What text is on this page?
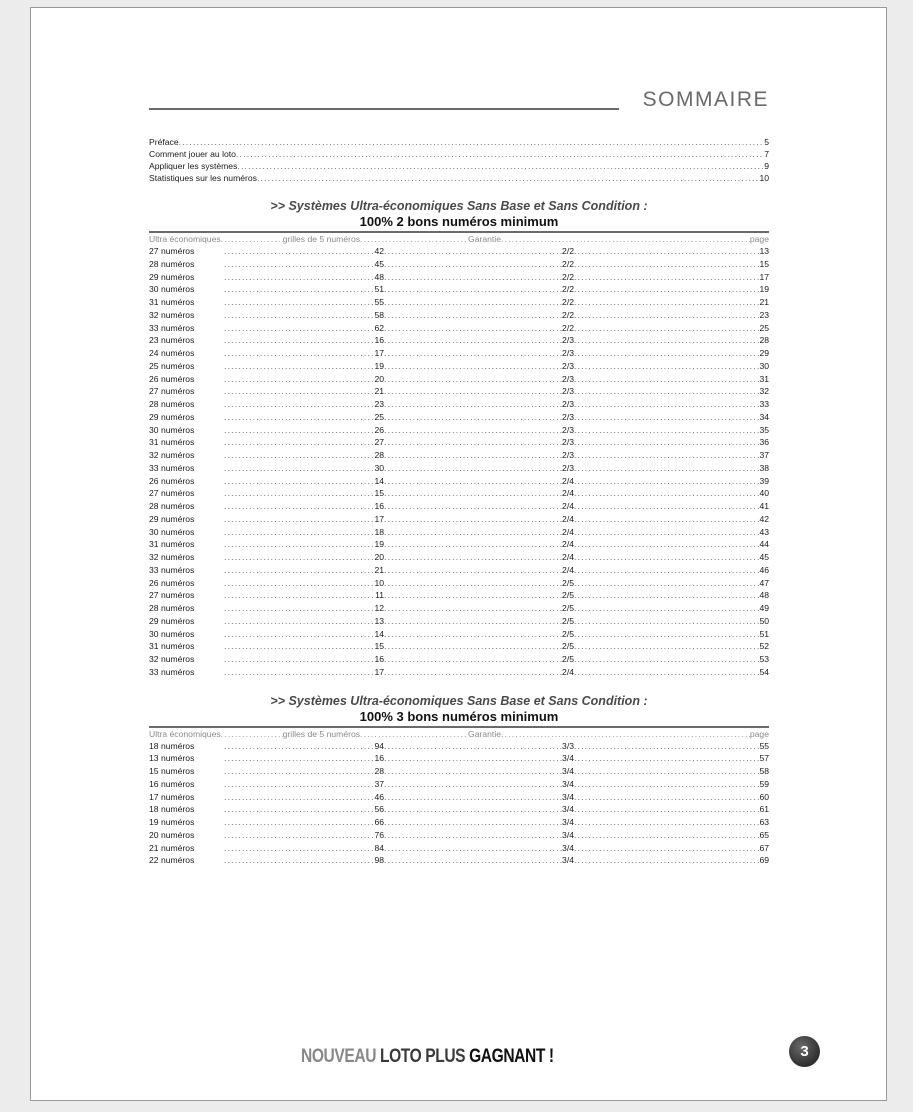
SOMMAIRE
Préface .....	5
Comment jouer au loto .....	7
Appliquer les systèmes .....	9
Statistiques sur les numéros .....	10
>> Systèmes Ultra-économiques Sans Base et Sans Condition :
100% 2 bons numéros minimum
Ultra économiques .....	grilles de 5 numéros .....	Garantie .....	page
27 numéros .....	42 .....	2/2 .....	13
28 numéros .....	45 .....	2/2 .....	15
29 numéros .....	48 .....	2/2 .....	17
30 numéros .....	51 .....	2/2 .....	19
31 numéros .....	55 .....	2/2 .....	21
32 numéros .....	58 .....	2/2 .....	23
33 numéros .....	62 .....	2/2 .....	25
23 numéros .....	16 .....	2/3 .....	28
24 numéros .....	17 .....	2/3 .....	29
25 numéros .....	19 .....	2/3 .....	30
26 numéros .....	20 .....	2/3 .....	31
27 numéros .....	21 .....	2/3 .....	32
28 numéros .....	23 .....	2/3 .....	33
29 numéros .....	25 .....	2/3 .....	34
30 numéros .....	26 .....	2/3 .....	35
31 numéros .....	27 .....	2/3 .....	36
32 numéros .....	28 .....	2/3 .....	37
33 numéros .....	30 .....	2/3 .....	38
26 numéros .....	14 .....	2/4 .....	39
27 numéros .....	15 .....	2/4 .....	40
28 numéros .....	16 .....	2/4 .....	41
29 numéros .....	17 .....	2/4 .....	42
30 numéros .....	18 .....	2/4 .....	43
31 numéros .....	19 .....	2/4 .....	44
32 numéros .....	20 .....	2/4 .....	45
33 numéros .....	21 .....	2/4 .....	46
26 numéros .....	10 .....	2/5 .....	47
27 numéros .....	11 .....	2/5 .....	48
28 numéros .....	12 .....	2/5 .....	49
29 numéros .....	13 .....	2/5 .....	50
30 numéros .....	14 .....	2/5 .....	51
31 numéros .....	15 .....	2/5 .....	52
32 numéros .....	16 .....	2/5 .....	53
33 numéros .....	17 .....	2/4 .....	54
>> Systèmes Ultra-économiques Sans Base et Sans Condition :
100% 3 bons numéros minimum
Ultra économiques .....	grilles de 5 numéros .....	Garantie .....	page
18 numéros .....	94 .....	3/3 .....	55
13 numéros .....	16 .....	3/4 .....	57
15 numéros .....	28 .....	3/4 .....	58
16 numéros .....	37 .....	3/4 .....	59
17 numéros .....	46 .....	3/4 .....	60
18 numéros .....	56 .....	3/4 .....	61
19 numéros .....	66 .....	3/4 .....	63
20 numéros .....	76 .....	3/4 .....	65
21 numéros .....	84 .....	3/4 .....	67
22 numéros .....	98 .....	3/4 .....	69
NOUVEAU LOTO PLUS GAGNANT !	3
